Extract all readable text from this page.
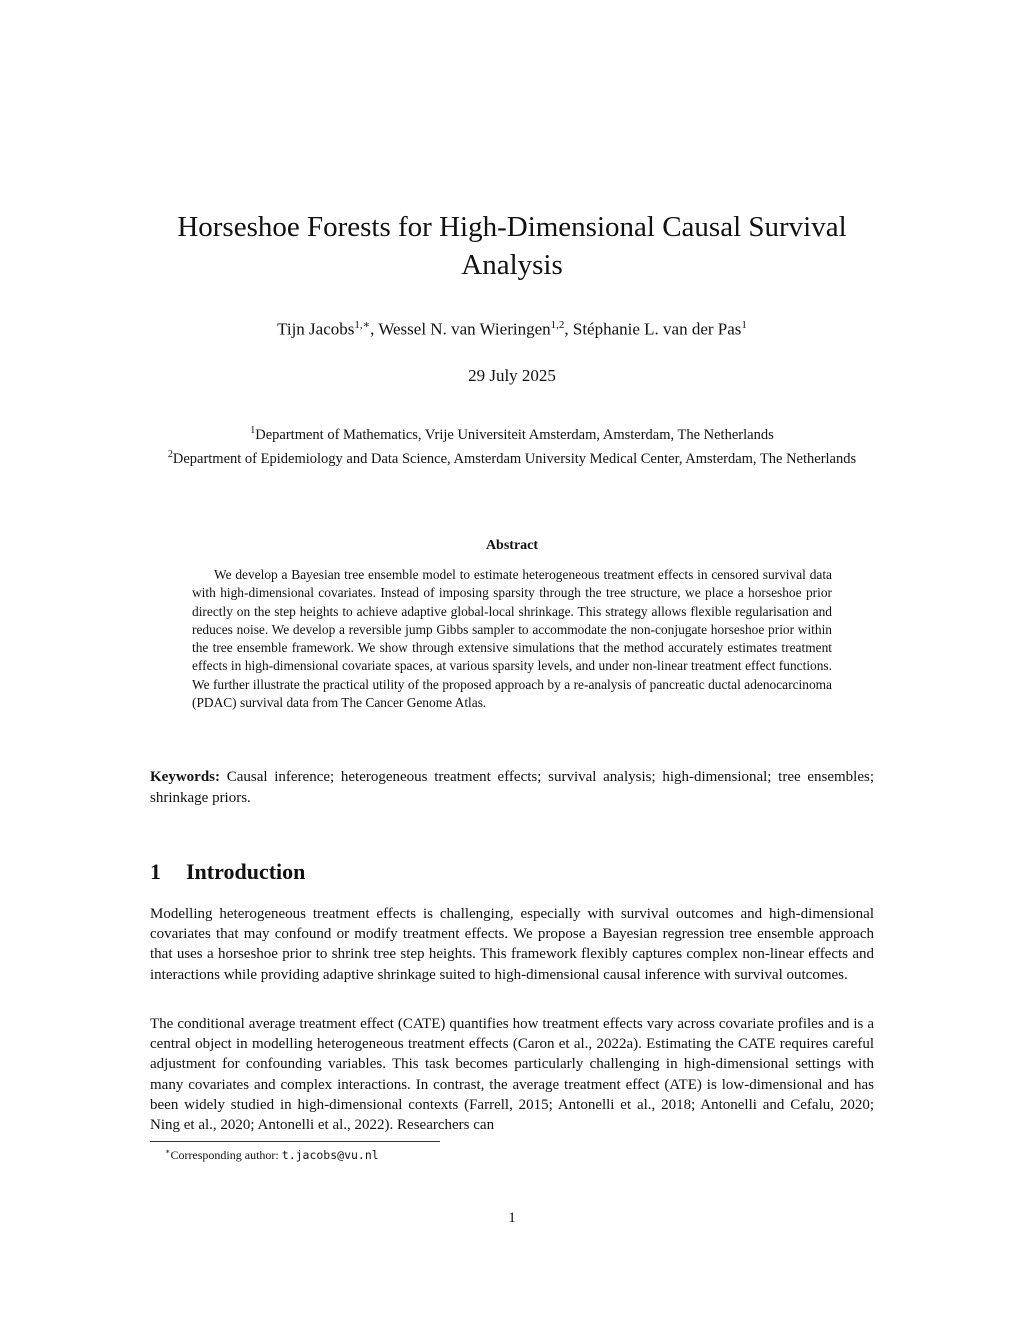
Horseshoe Forests for High-Dimensional Causal Survival Analysis
Tijn Jacobs$^{1,∗}$, Wessel N. van Wieringen$^{1,2}$, Stéphanie L. van der Pas$^1$
29 July 2025
$^1$Department of Mathematics, Vrije Universiteit Amsterdam, Amsterdam, The Netherlands
$^2$Department of Epidemiology and Data Science, Amsterdam University Medical Center, Amsterdam, The Netherlands
Abstract
We develop a Bayesian tree ensemble model to estimate heterogeneous treatment effects in censored survival data with high-dimensional covariates. Instead of imposing sparsity through the tree structure, we place a horseshoe prior directly on the step heights to achieve adaptive global-local shrinkage. This strategy allows flexible regularisation and reduces noise. We develop a reversible jump Gibbs sampler to accommodate the non-conjugate horseshoe prior within the tree ensemble framework. We show through extensive simulations that the method accurately estimates treatment effects in high-dimensional covariate spaces, at various sparsity levels, and under non-linear treatment effect functions. We further illustrate the practical utility of the proposed approach by a re-analysis of pancreatic ductal adenocarcinoma (PDAC) survival data from The Cancer Genome Atlas.
Keywords: Causal inference; heterogeneous treatment effects; survival analysis; high-dimensional; tree ensembles; shrinkage priors.
1 Introduction
Modelling heterogeneous treatment effects is challenging, especially with survival outcomes and high-dimensional covariates that may confound or modify treatment effects. We propose a Bayesian regression tree ensemble approach that uses a horseshoe prior to shrink tree step heights. This framework flexibly captures complex non-linear effects and interactions while providing adaptive shrinkage suited to high-dimensional causal inference with survival outcomes.
The conditional average treatment effect (CATE) quantifies how treatment effects vary across covariate profiles and is a central object in modelling heterogeneous treatment effects (Caron et al., 2022a). Estimating the CATE requires careful adjustment for confounding variables. This task becomes particularly challenging in high-dimensional settings with many covariates and complex interactions. In contrast, the average treatment effect (ATE) is low-dimensional and has been widely studied in high-dimensional contexts (Farrell, 2015; Antonelli et al., 2018; Antonelli and Cefalu, 2020; Ning et al., 2020; Antonelli et al., 2022). Researchers can
∗Corresponding author: t.jacobs@vu.nl
1
